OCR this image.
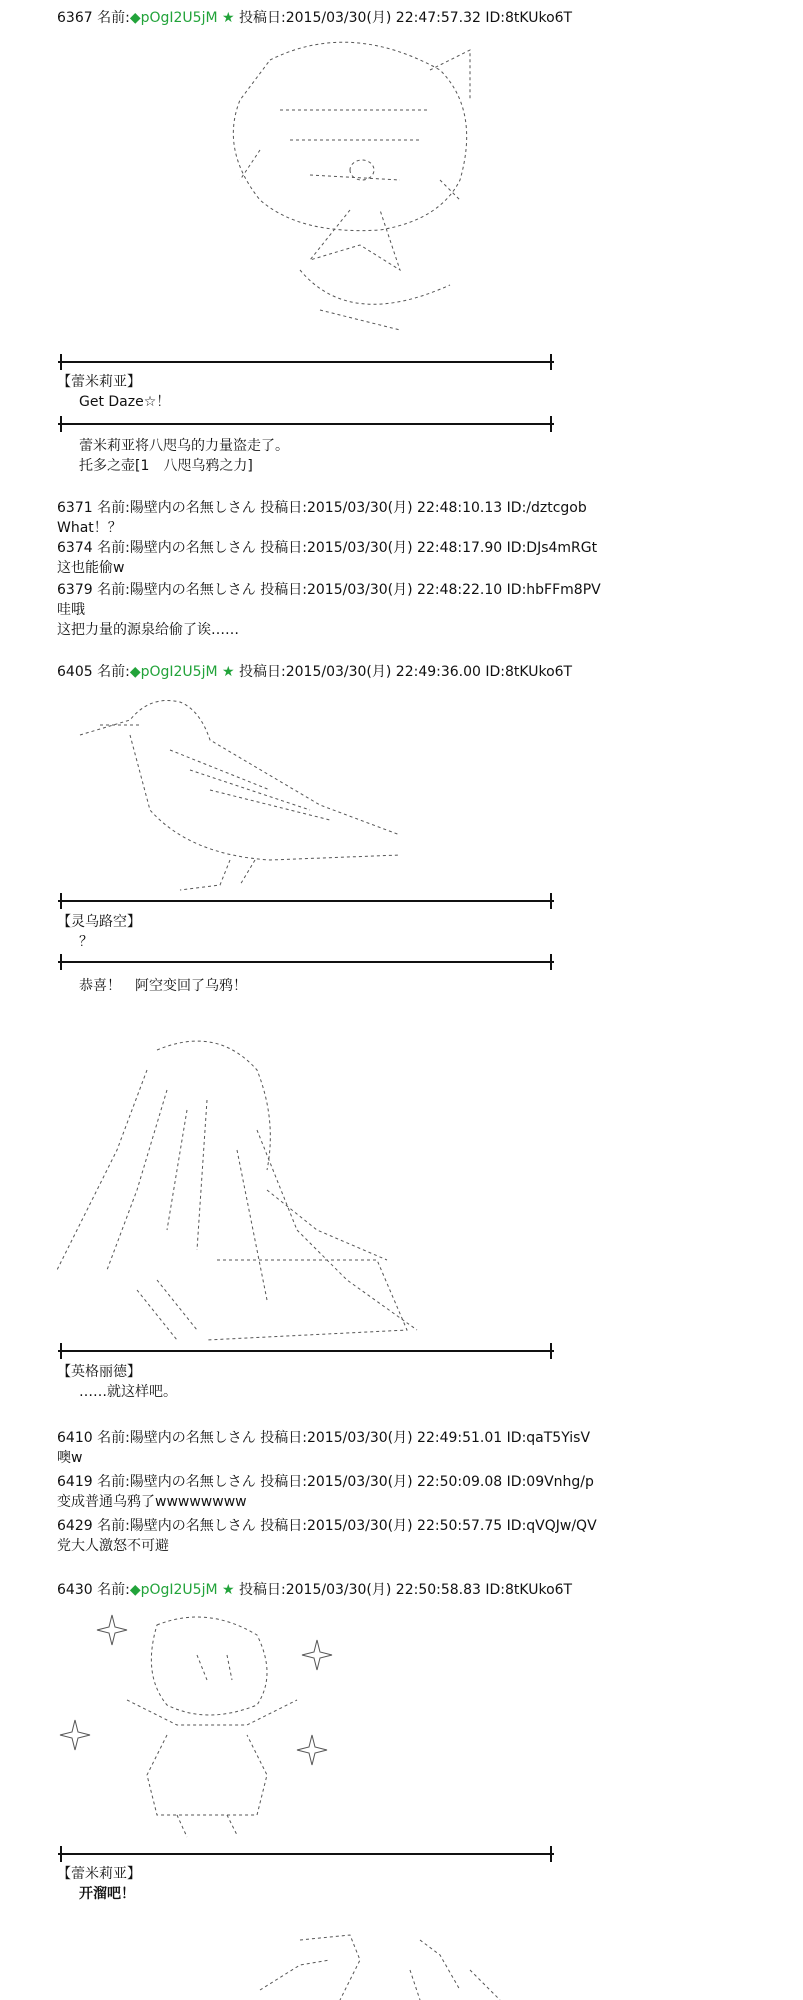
6367 名前:◆pOgI2U5jM ★ 投稿日:2015/03/30(月) 22:47:57.32 ID:8tKUko6T
【蕾米莉亚】
Get Daze☆！
蕾米莉亚将八咫乌的力量盗走了。
托多之壶[1　八咫乌鸦之力]
6371 名前:陽壁内の名無しさん 投稿日:2015/03/30(月) 22:48:10.13 ID:/dztcgob
What！？
6374 名前:陽壁内の名無しさん 投稿日:2015/03/30(月) 22:48:17.90 ID:DJs4mRGt
这也能偷w
6379 名前:陽壁内の名無しさん 投稿日:2015/03/30(月) 22:48:22.10 ID:hbFFm8PV
哇哦
这把力量的源泉给偷了诶……
6405 名前:◆pOgI2U5jM ★ 投稿日:2015/03/30(月) 22:49:36.00 ID:8tKUko6T
【灵乌路空】
？
恭喜！　阿空变回了乌鸦！
【英格丽德】
……就这样吧。
6410 名前:陽壁内の名無しさん 投稿日:2015/03/30(月) 22:49:51.01 ID:qaT5YisV
噢w
6419 名前:陽壁内の名無しさん 投稿日:2015/03/30(月) 22:50:09.08 ID:09Vnhg/p
变成普通乌鸦了wwwwwwww
6429 名前:陽壁内の名無しさん 投稿日:2015/03/30(月) 22:50:57.75 ID:qVQJw/QV
党大人激怒不可避
6430 名前:◆pOgI2U5jM ★ 投稿日:2015/03/30(月) 22:50:58.83 ID:8tKUko6T
【蕾米莉亚】
开溜吧！
